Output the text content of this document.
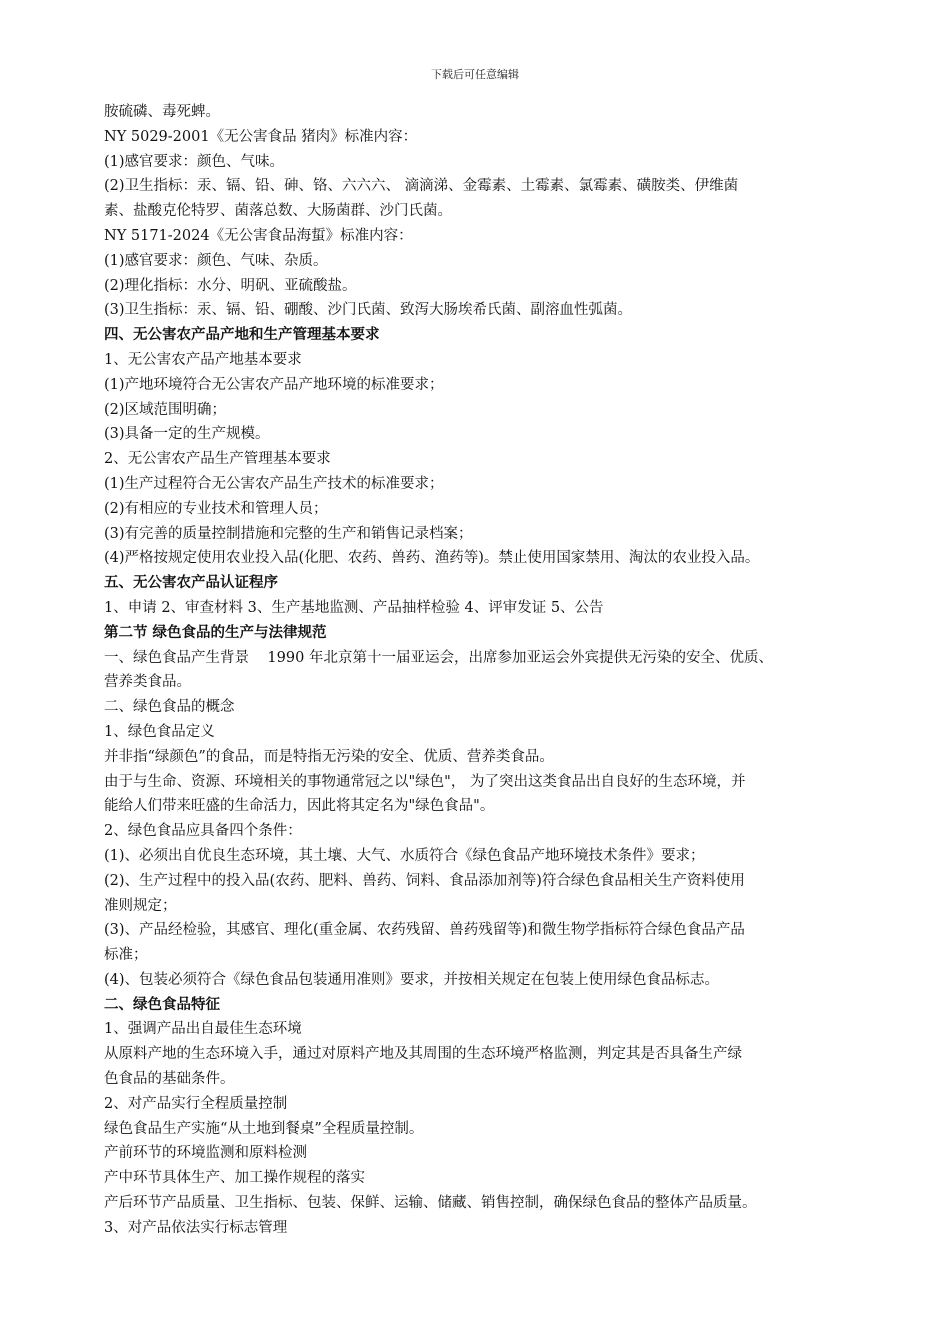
下载后可任意编辑
胺硫磷、毒死蜱。
NY 5029-2001《无公害食品 猪肉》标准内容：
(1)感官要求：颜色、气味。
(2)卫生指标：汞、镉、铅、砷、铬、六六六、 滴滴涕、金霉素、土霉素、氯霉素、磺胺类、伊维菌
素、盐酸克伦特罗、菌落总数、大肠菌群、沙门氏菌。
NY 5171-2024《无公害食品海蜇》标准内容：
(1)感官要求：颜色、气味、杂质。
(2)理化指标：水分、明矾、亚硫酸盐。
(3)卫生指标：汞、镉、铅、硼酸、沙门氏菌、致泻大肠埃希氏菌、副溶血性弧菌。
四、无公害农产品产地和生产管理基本要求
1、无公害农产品产地基本要求
(1)产地环境符合无公害农产品产地环境的标准要求；
(2)区域范围明确；
(3)具备一定的生产规模。
2、无公害农产品生产管理基本要求
(1)生产过程符合无公害农产品生产技术的标准要求；
(2)有相应的专业技术和管理人员；
(3)有完善的质量控制措施和完整的生产和销售记录档案；
(4)严格按规定使用农业投入品(化肥、农药、兽药、渔药等)。禁止使用国家禁用、淘汰的农业投入品。
五、无公害农产品认证程序
1、申请 2、审查材料 3、生产基地监测、产品抽样检验 4、评审发证 5、公告
第二节 绿色食品的生产与法律规范
一、绿色食品产生背景    1990 年北京第十一届亚运会，出席参加亚运会外宾提供无污染的安全、优质、
营养类食品。
二、绿色食品的概念
1、绿色食品定义
并非指“绿颜色”的食品，而是特指无污染的安全、优质、营养类食品。
由于与生命、资源、环境相关的事物通常冠之以"绿色"， 为了突出这类食品出自良好的生态环境，并
能给人们带来旺盛的生命活力，因此将其定名为"绿色食品"。
2、绿色食品应具备四个条件：
(1)、必须出自优良生态环境，其土壤、大气、水质符合《绿色食品产地环境技术条件》要求；
(2)、生产过程中的投入品(农药、肥料、兽药、饲料、食品添加剂等)符合绿色食品相关生产资料使用
准则规定；
(3)、产品经检验，其感官、理化(重金属、农药残留、兽药残留等)和微生物学指标符合绿色食品产品
标准；
(4)、包装必须符合《绿色食品包装通用准则》要求，并按相关规定在包装上使用绿色食品标志。
二、绿色食品特征
1、强调产品出自最佳生态环境
从原料产地的生态环境入手，通过对原料产地及其周围的生态环境严格监测，判定其是否具备生产绿
色食品的基础条件。
2、对产品实行全程质量控制
绿色食品生产实施“从土地到餐桌”全程质量控制。
产前环节的环境监测和原料检测
产中环节具体生产、加工操作规程的落实
产后环节产品质量、卫生指标、包装、保鲜、运输、储藏、销售控制，确保绿色食品的整体产品质量。
3、对产品依法实行标志管理
